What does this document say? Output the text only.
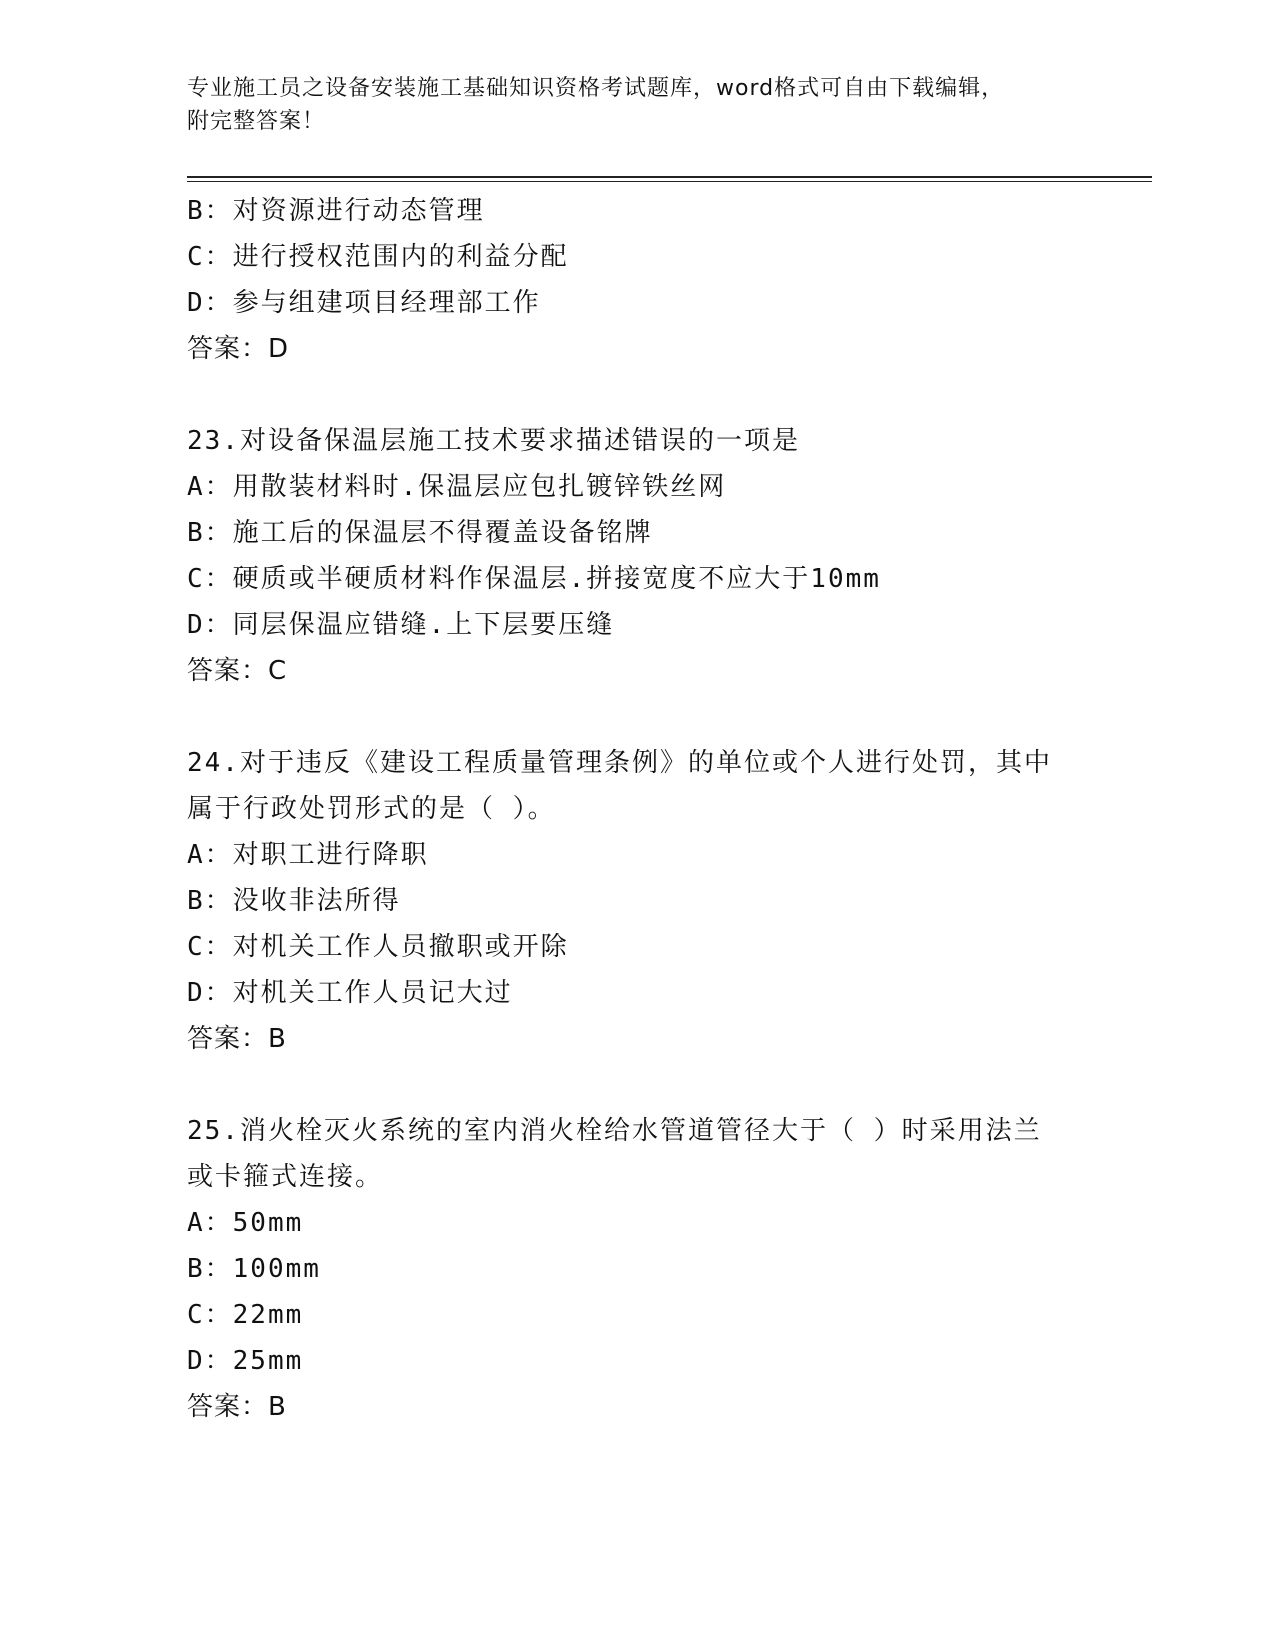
专业施工员之设备安装施工基础知识资格考试题库，word格式可自由下载编辑，
附完整答案！
B：对资源进行动态管理
C：进行授权范围内的利益分配
D：参与组建项目经理部工作
答案：D
23.对设备保温层施工技术要求描述错误的一项是
A：用散装材料时.保温层应包扎镀锌铁丝网
B：施工后的保温层不得覆盖设备铭牌
C：硬质或半硬质材料作保温层.拼接宽度不应大于10mm
D：同层保温应错缝.上下层要压缝
答案：C
24.对于违反《建设工程质量管理条例》的单位或个人进行处罚，其中
属于行政处罚形式的是（ ）。
A：对职工进行降职
B：没收非法所得
C：对机关工作人员撤职或开除
D：对机关工作人员记大过
答案：B
25.消火栓灭火系统的室内消火栓给水管道管径大于（ ）时采用法兰
或卡箍式连接。
A：50mm
B：100mm
C：22mm
D：25mm
答案：B
